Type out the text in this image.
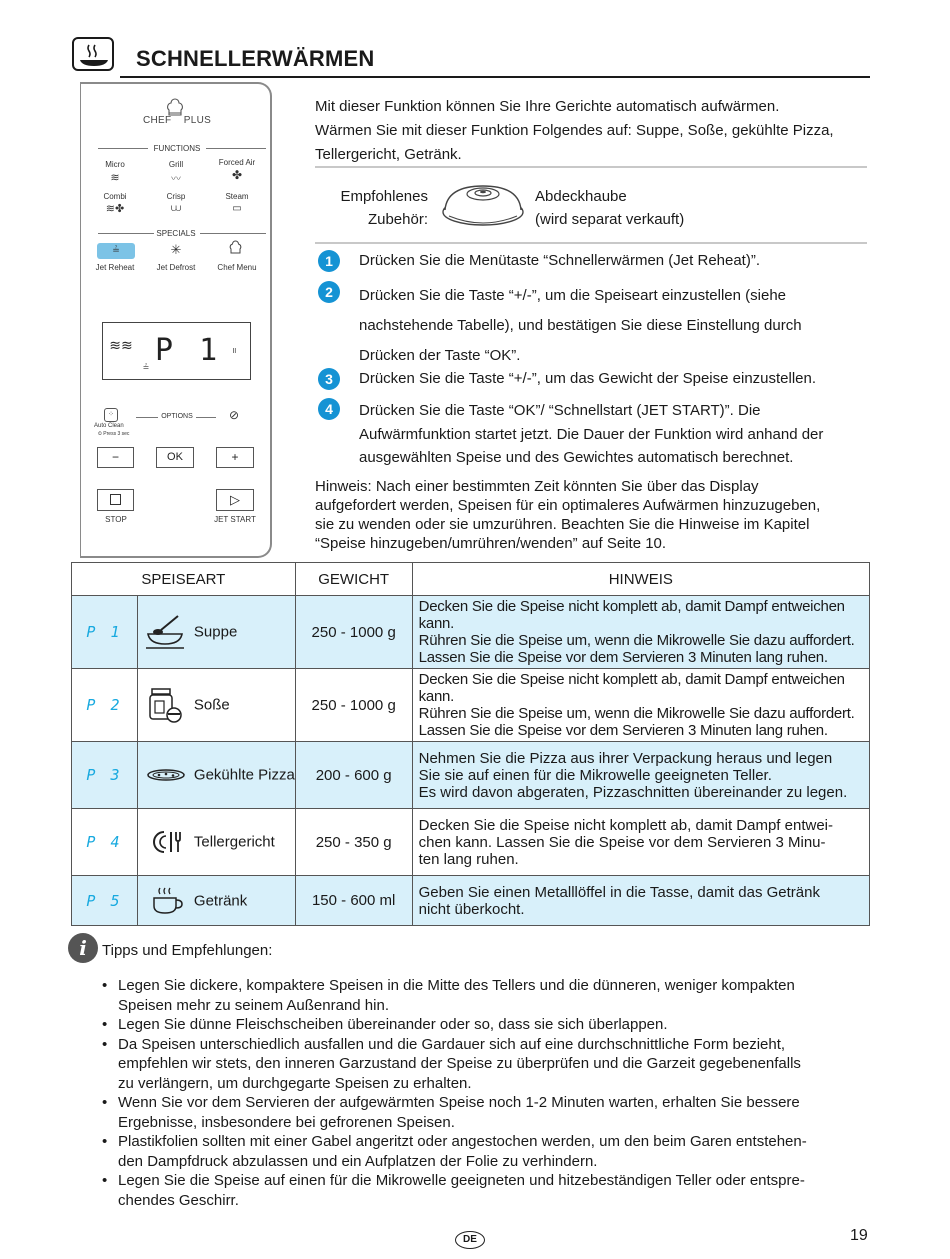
SCHNELLERWÄRMEN
CHEF PLUS
FUNCTIONS
Micro	Grill	Forced Air
≋	〰	✤
Combi	Crisp	Steam
≋✤	⩊	▭
SPECIALS
≟
Jet Reheat
✳
Jet Defrost	Chef Menu
≋≋ P 1	॥
≟
⁘
Auto Clean
⏲ Press 3 sec
OPTIONS	⊘
−	OK	+
STOP
▷
JET START
Mit dieser Funktion können Sie Ihre Gerichte automatisch aufwärmen.
Wärmen Sie mit dieser Funktion Folgendes auf: Suppe, Soße, gekühlte Pizza,
Tellergericht, Getränk.
Empfohlenes
Zubehör:
Abdeckhaube
(wird separat verkauft)
1	Drücken Sie die Menütaste “Schnellerwärmen (Jet Reheat)”.
2	Drücken Sie die Taste “+/-”, um die Speiseart einzustellen (siehe
nachstehende Tabelle), und bestätigen Sie diese Einstellung durch
Drücken der Taste “OK”.
3	Drücken Sie die Taste “+/-”, um das Gewicht der Speise einzustellen.
4	Drücken Sie die Taste “OK”/ “Schnellstart (JET START)”. Die
Aufwärmfunktion startet jetzt. Die Dauer der Funktion wird anhand der
ausgewählten Speise und des Gewichtes automatisch berechnet.
Hinweis: Nach einer bestimmten Zeit könnten Sie über das Display
aufgefordert werden, Speisen für ein optimaleres Aufwärmen hinzuzugeben,
sie zu wenden oder sie umzurühren. Beachten Sie die Hinweise im Kapitel
“Speise hinzugeben/umrühren/wenden” auf Seite 10.
SPEISEART		GEWICHT	HINWEIS
P 1	Suppe	250 - 1000 g	Decken Sie die Speise nicht komplett ab, damit Dampf entweichen kann.
Rühren Sie die Speise um, wenn die Mikrowelle Sie dazu auffordert.
Lassen Sie die Speise vor dem Servieren 3 Minuten lang ruhen.

P 2	Soße	250 - 1000 g	Decken Sie die Speise nicht komplett ab, damit Dampf entweichen kann.
Rühren Sie die Speise um, wenn die Mikrowelle Sie dazu auffordert.
Lassen Sie die Speise vor dem Servieren 3 Minuten lang ruhen.

P 3	Gekühlte Pizza	200 - 600 g	Nehmen Sie die Pizza aus ihrer Verpackung heraus und legen
Sie sie auf einen für die Mikrowelle geeigneten Teller.
Es wird davon abgeraten, Pizzaschnitten übereinander zu legen.

P 4	Tellergericht	250 - 350 g	Decken Sie die Speise nicht komplett ab, damit Dampf entwei-
chen kann. Lassen Sie die Speise vor dem Servieren 3 Minu-
ten lang ruhen.

P 5	Getränk	150 - 600 ml	Geben Sie einen Metalllöffel in die Tasse, damit das Getränk
nicht überkocht.
i	Tipps und Empfehlungen:
• Legen Sie dickere, kompaktere Speisen in die Mitte des Tellers und die dünneren, weniger kompakten
Speisen mehr zu seinem Außenrand hin.
• Legen Sie dünne Fleischscheiben übereinander oder so, dass sie sich überlappen.
• Da Speisen unterschiedlich ausfallen und die Gardauer sich auf eine durchschnittliche Form bezieht,
empfehlen wir stets, den inneren Garzustand der Speise zu überprüfen und die Garzeit gegebenenfalls
zu verlängern, um durchgegarte Speisen zu erhalten.
• Wenn Sie vor dem Servieren der aufgewärmten Speise noch 1-2 Minuten warten, erhalten Sie bessere
Ergebnisse, insbesondere bei gefrorenen Speisen.
• Plastikfolien sollten mit einer Gabel angeritzt oder angestochen werden, um den beim Garen entstehen-
den Dampfdruck abzulassen und ein Aufplatzen der Folie zu verhindern.
• Legen Sie die Speise auf einen für die Mikrowelle geeigneten und hitzebeständigen Teller oder entspre-
chendes Geschirr.
DE	19
